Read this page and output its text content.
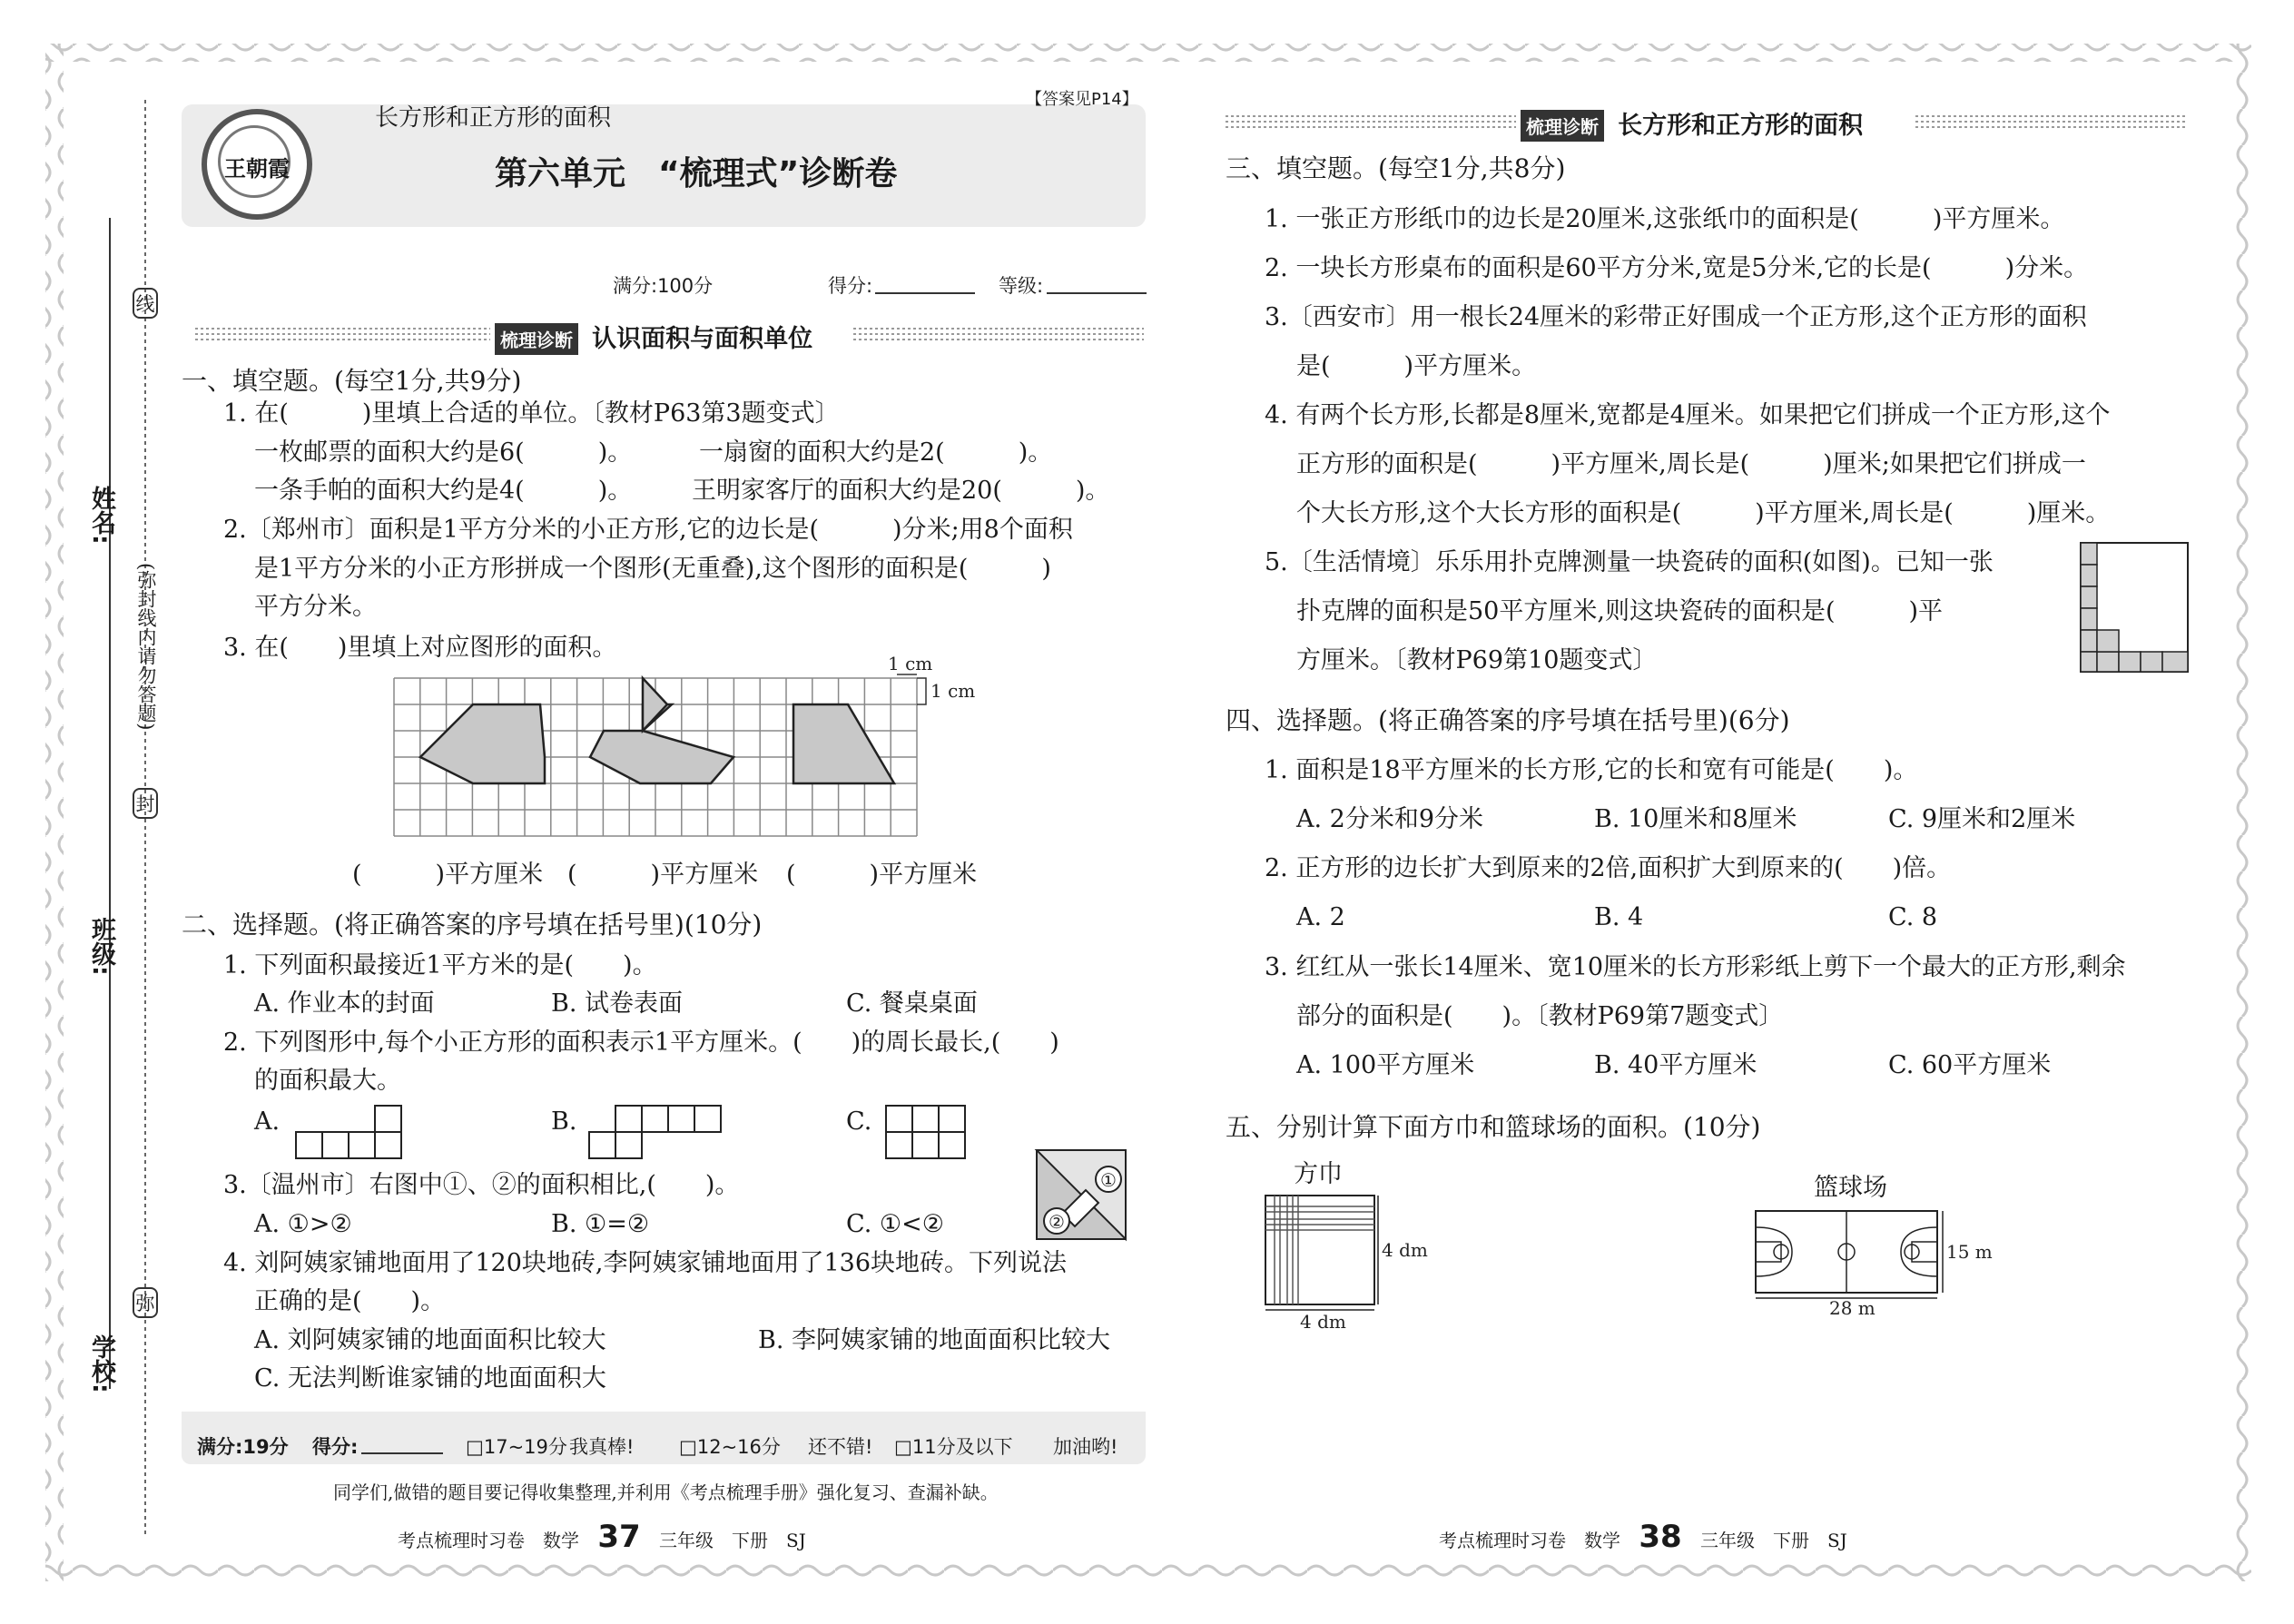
学校:
班级:
姓名:
线
封
弥
(弥封线内请勿答题)
王朝霞
长方形和正方形的面积
【答案见P14】
第六单元　“梳理式”诊断卷
满分:100分	得分:	等级:
梳理诊断 认识面积与面积单位
一、填空题。(每空1分,共9分)
1. 在(　　　)里填上合适的单位。〔教材P63第3题变式〕
一枚邮票的面积大约是6(　　　)。	一扇窗的面积大约是2(　　　)。
一条手帕的面积大约是4(　　　)。 王明家客厅的面积大约是20(　　　)。
2.〔郑州市〕面积是1平方分米的小正方形,它的边长是(　　　)分米;用8个面积
是1平方分米的小正方形拼成一个图形(无重叠),这个图形的面积是(　　　)
平方分米。
3. 在(　　)里填上对应图形的面积。
1 cm
1 cm
(　　　)平方厘米 (　　　)平方厘米 (　　　)平方厘米
二、选择题。(将正确答案的序号填在括号里)(10分)
1. 下列面积最接近1平方米的是(　　)。
A. 作业本的封面	B. 试卷表面	C. 餐桌桌面
2. 下列图形中,每个小正方形的面积表示1平方厘米。(　　)的周长最长,(　　)
的面积最大。
A.	B.	C.
3.〔温州市〕右图中①、②的面积相比,(　　)。
A. ①>②	B. ①=②	C. ①<②
①
②
4. 刘阿姨家铺地面用了120块地砖,李阿姨家铺地面用了136块地砖。下列说法
正确的是(　　)。
A. 刘阿姨家铺的地面面积比较大	B. 李阿姨家铺的地面面积比较大
C. 无法判断谁家铺的地面面积大
满分:19分 得分:	□17~19分 我真棒! □12~16分 还不错! □11分及以下 加油哟!
同学们,做错的题目要记得收集整理,并利用《考点梳理手册》强化复习、查漏补缺。
考点梳理时习卷　数学 37 三年级　下册　SJ
梳理诊断 长方形和正方形的面积
三、填空题。(每空1分,共8分)
1. 一张正方形纸巾的边长是20厘米,这张纸巾的面积是(　　　)平方厘米。
2. 一块长方形桌布的面积是60平方分米,宽是5分米,它的长是(　　　)分米。
3.〔西安市〕用一根长24厘米的彩带正好围成一个正方形,这个正方形的面积
是(　　　)平方厘米。
4. 有两个长方形,长都是8厘米,宽都是4厘米。如果把它们拼成一个正方形,这个
正方形的面积是(　　　)平方厘米,周长是(　　　)厘米;如果把它们拼成一
个大长方形,这个大长方形的面积是(　　　)平方厘米,周长是(　　　)厘米。
5.〔生活情境〕乐乐用扑克牌测量一块瓷砖的面积(如图)。已知一张
扑克牌的面积是50平方厘米,则这块瓷砖的面积是(　　　)平
方厘米。〔教材P69第10题变式〕
四、选择题。(将正确答案的序号填在括号里)(6分)
1. 面积是18平方厘米的长方形,它的长和宽有可能是(　　)。
A. 2分米和9分米	B. 10厘米和8厘米	C. 9厘米和2厘米
2. 正方形的边长扩大到原来的2倍,面积扩大到原来的(　　)倍。
A. 2	B. 4	C. 8
3. 红红从一张长14厘米、宽10厘米的长方形彩纸上剪下一个最大的正方形,剩余
部分的面积是(　　)。〔教材P69第7题变式〕
A. 100平方厘米	B. 40平方厘米	C. 60平方厘米
五、分别计算下面方巾和篮球场的面积。(10分)
方巾
4 dm
4 dm
篮球场
15 m
28 m
考点梳理时习卷　数学 38 三年级　下册　SJ
